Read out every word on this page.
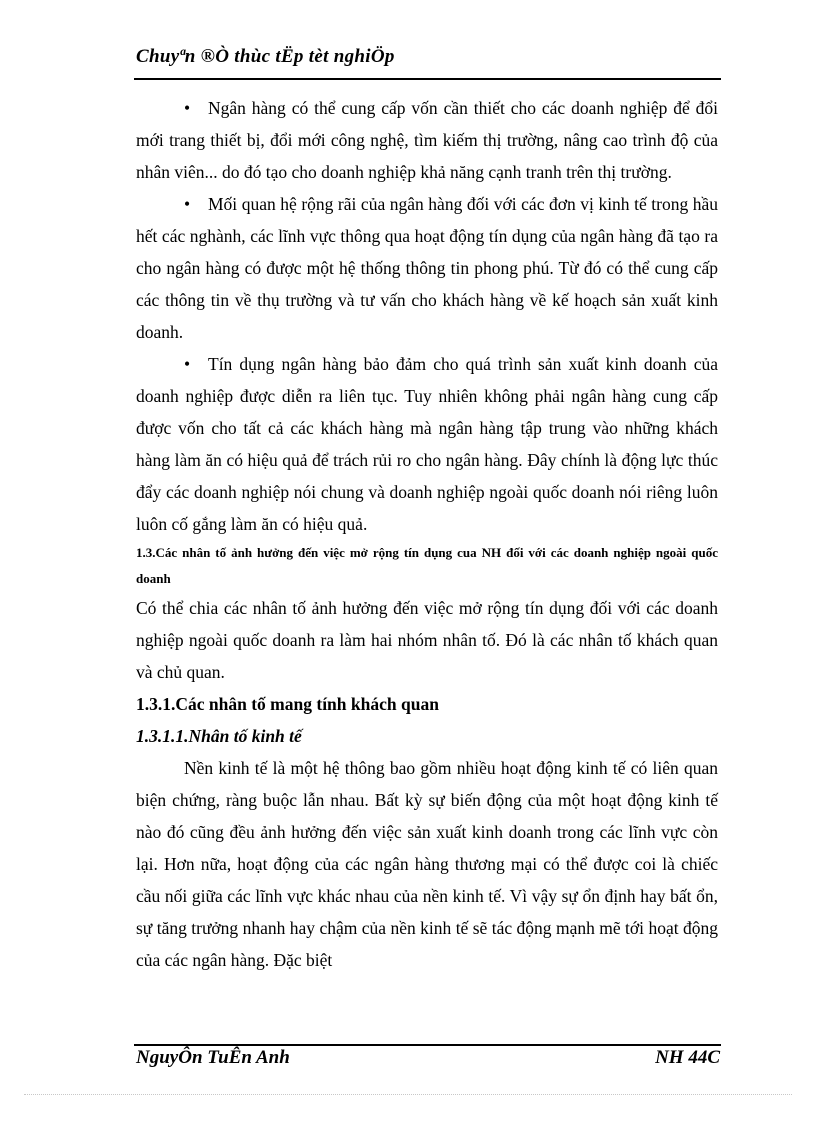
Chuyªn ®Ò thùc tËp tèt nghiÖp

• Ngân hàng có thể cung cấp vốn cần thiết cho các doanh nghiệp để đổi mới trang thiết bị, đổi mới công nghệ, tìm kiếm thị trường, nâng cao trình độ của nhân viên... do đó tạo cho doanh nghiệp khả năng cạnh tranh trên thị trường.

• Mối quan hệ rộng rãi của ngân hàng đối với các đơn vị kinh tế trong hầu hết các nghành, các lĩnh vực thông qua hoạt động tín dụng của ngân hàng đã tạo ra cho ngân hàng có được một hệ thống thông tin phong phú. Từ đó có thể cung cấp các thông tin về thụ trường và tư vấn cho khách hàng về kế hoạch sản xuất kinh doanh.

• Tín dụng ngân hàng bảo đảm cho quá trình sản xuất kinh doanh của doanh nghiệp được diễn ra liên tục. Tuy nhiên không phải ngân hàng cung cấp được vốn cho tất cả các khách hàng mà ngân hàng tập trung vào những khách hàng làm ăn có hiệu quả để trách rủi ro cho ngân hàng. Đây chính là động lực thúc đẩy các doanh nghiệp nói chung và doanh nghiệp ngoài quốc doanh nói riêng luôn luôn cố gắng làm ăn có hiệu quả.

1.3.Các nhân tố ảnh hưởng đến việc mở rộng tín dụng cua NH đối với các doanh nghiệp ngoài quốc doanh

Có thể chia các nhân tố ảnh hưởng đến việc mở rộng tín dụng đối với các doanh nghiệp ngoài quốc doanh ra làm hai nhóm nhân tố. Đó là các nhân tố khách quan và chủ quan.

1.3.1.Các nhân tố mang tính khách quan

1.3.1.1.Nhân tố kinh tế

Nền kinh tế là một hệ thông bao gồm nhiều hoạt động kinh tế có liên quan biện chứng, ràng buộc lẫn nhau. Bất kỳ sự biến động của một hoạt động kinh tế nào đó cũng đều ảnh hưởng đến việc sản xuất kinh doanh trong các lĩnh vực còn lại. Hơn nữa, hoạt động của các ngân hàng thương mại có thể được coi là chiếc cầu nối giữa các lĩnh vực khác nhau của nền kinh tế. Vì vậy sự ổn định hay bất ổn, sự tăng trưởng nhanh hay chậm của nền kinh tế sẽ tác động mạnh mẽ tới hoạt động của các ngân hàng. Đặc biệt

NguyÔn TuÊn Anh	NH 44C
